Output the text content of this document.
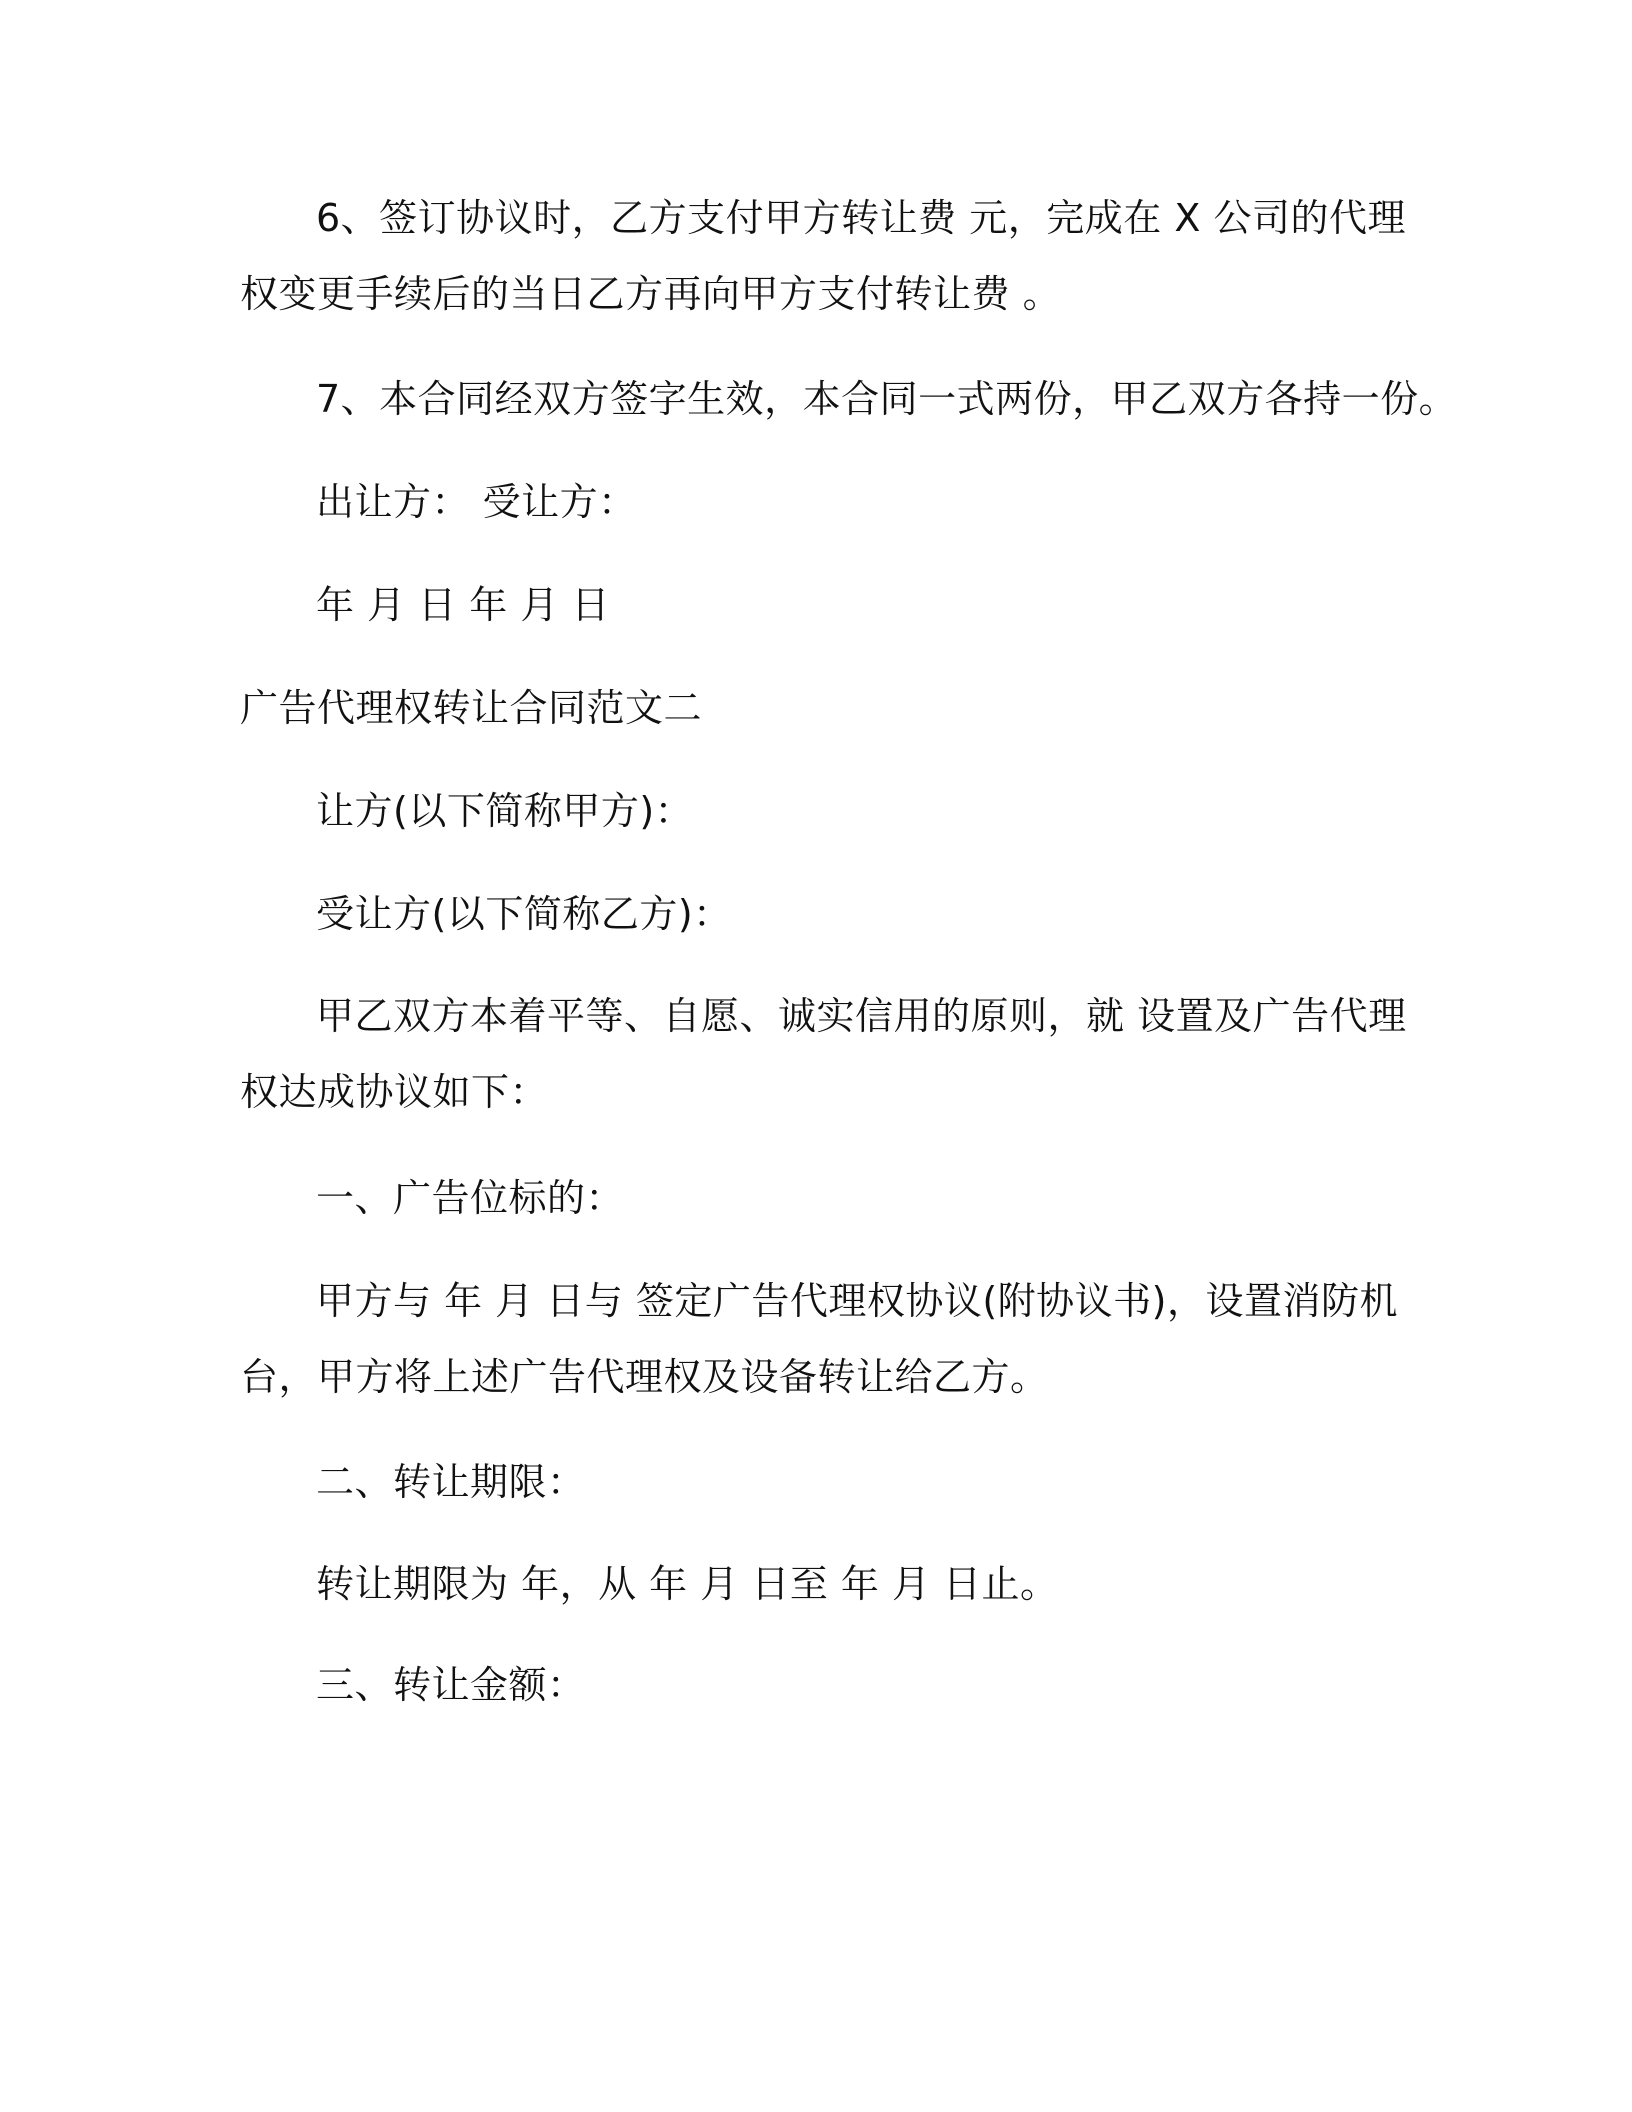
6、签订协议时，乙方支付甲方转让费 元，完成在 X 公司的代理
权变更手续后的当日乙方再向甲方支付转让费 。
7、本合同经双方签字生效，本合同一式两份，甲乙双方各持一份。
出让方： 受让方：
年 月 日 年 月 日
广告代理权转让合同范文二
让方(以下简称甲方)：
受让方(以下简称乙方)：
甲乙双方本着平等、自愿、诚实信用的原则，就 设置及广告代理
权达成协议如下：
一、广告位标的：
甲方与 年 月 日与 签定广告代理权协议(附协议书)，设置消防机
台，甲方将上述广告代理权及设备转让给乙方。
二、转让期限：
转让期限为 年，从 年 月 日至 年 月 日止。
三、转让金额：
